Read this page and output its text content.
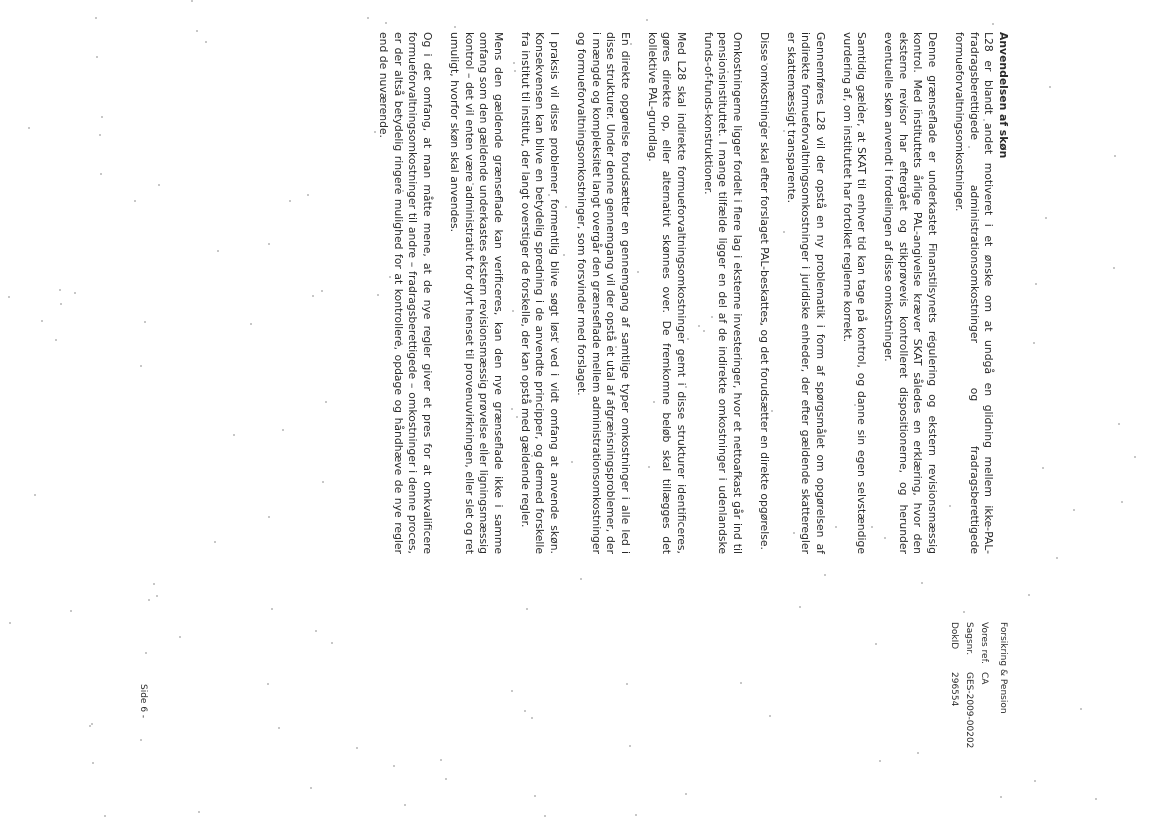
Forsikring & Pension
Vores ref.
CA
Sagsnr.
GES-2009-00202
DokID
296554
Anvendelsen af skøn

L28 er blandt andet motiveret i et ønske om at undgå en glidning mellem ikke-PAL- fradragsberettigede administrationsomkostninger og fradragsberettigede formueforvaltningsomkostninger.

Denne grænseflade er underkastet Finanstilsynets regulering og ekstern revisionsmæssig kontrol. Med instituttets årlige PAL-angivelse kræver SKAT således en erklæring, hvor den eksterne revisor har eftergået og stikprøvevis kontrolleret dispositionerne, og herunder eventuelle skøn anvendt i fordelingen af disse omkostninger.

Samtidig gælder, at SKAT til enhver tid kan tage på kontrol, og danne sin egen selvstændige vurdering af, om instituttet har fortolket reglerne korrekt.

Gennemføres L28 vil der opstå en ny problematik i form af spørgsmålet om opgørelsen af indirekte formueforvaltningsomkostninger i juridiske enheder, der efter gældende skatteregler er skattemæssigt transparente.

Disse omkostninger skal efter forslaget PAL-beskattes, og det forudsætter en direkte opgørelse.

Omkostningerne ligger fordelt i flere lag i eksterne investeringer, hvor et nettoafkast går ind til pensionsinstituttet. I mange tilfælde ligger en del af de indirekte omkostninger i udenlandske funds-of-funds-konstruktioner.

Med L28 skal indirekte formueforvaltningsomkostninger gemt i disse strukturer identificeres, gøres direkte op, eller alternativt skønnes over. De fremkomne beløb skal tillægges det kollektive PAL-grundlag.

En direkte opgørelse forudsætter en gennemgang af samtlige typer omkostninger i alle led i disse strukturer. Under denne gennemgang vil der opstå et utal af afgrænsningsproblemer, der i mængde og kompleksitet langt overgår den grænseflade mellem administrationsomkostninger og formueforvaltningsomkostninger, som forsvinder med forslaget.

I praksis vil disse problemer formentlig blive søgt løst ved i vidt omfang at anvende skøn. Konsekvensen kan blive en betydelig spredning i de anvendte principper, og dermed forskelle fra institut til institut, der langt overstiger de forskelle, der kan opstå med gældende regler.

Mens den gældende grænseflade kan verificeres, kan den nye grænseflade ikke i samme omfang som den gældende underkastes ekstern revisionsmæssig prøvelse eller ligningsmæssig kontrol – det vil enten være administrativt for dyrt henset til provenuvirkningen, eller slet og ret umuligt, hvorfor skøn skal anvendes.

Og i det omfang, at man måtte mene, at de nye regler giver et pres for at omkvalificere formueforvaltningsomkostninger til andre – fradragsberettigede – omkostninger i denne proces, er der altså betydelig ringere mulighed for at kontrollere, opdage og håndhæve de nye regler end de nuværende.

Side 6 -
